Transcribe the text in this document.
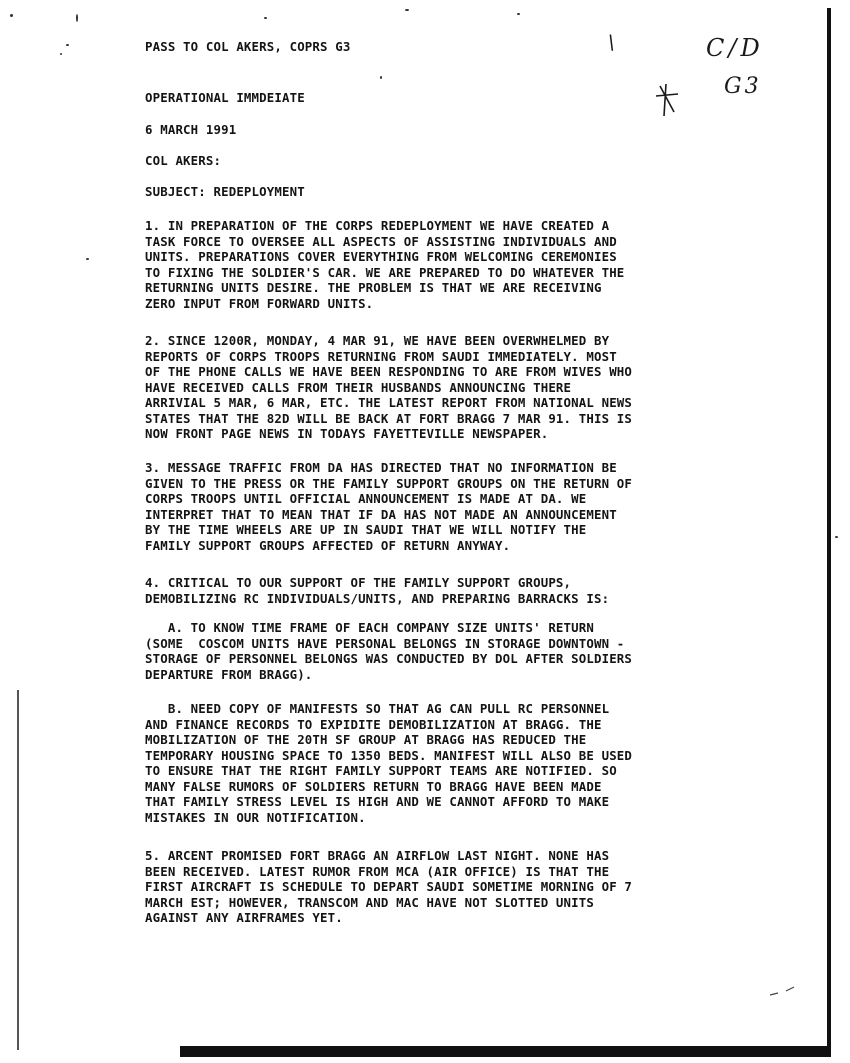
PASS TO COL AKERS, COPRS G3
OPERATIONAL IMMDEIATE
6 MARCH 1991
COL AKERS:
SUBJECT: REDEPLOYMENT
C/D
G3
\
1. IN PREPARATION OF THE CORPS REDEPLOYMENT WE HAVE CREATED A
TASK FORCE TO OVERSEE ALL ASPECTS OF ASSISTING INDIVIDUALS AND
UNITS. PREPARATIONS COVER EVERYTHING FROM WELCOMING CEREMONIES
TO FIXING THE SOLDIER'S CAR. WE ARE PREPARED TO DO WHATEVER THE
RETURNING UNITS DESIRE. THE PROBLEM IS THAT WE ARE RECEIVING
ZERO INPUT FROM FORWARD UNITS.
2. SINCE 1200R, MONDAY, 4 MAR 91, WE HAVE BEEN OVERWHELMED BY
REPORTS OF CORPS TROOPS RETURNING FROM SAUDI IMMEDIATELY. MOST
OF THE PHONE CALLS WE HAVE BEEN RESPONDING TO ARE FROM WIVES WHO
HAVE RECEIVED CALLS FROM THEIR HUSBANDS ANNOUNCING THERE
ARRIVIAL 5 MAR, 6 MAR, ETC. THE LATEST REPORT FROM NATIONAL NEWS
STATES THAT THE 82D WILL BE BACK AT FORT BRAGG 7 MAR 91. THIS IS
NOW FRONT PAGE NEWS IN TODAYS FAYETTEVILLE NEWSPAPER.
3. MESSAGE TRAFFIC FROM DA HAS DIRECTED THAT NO INFORMATION BE
GIVEN TO THE PRESS OR THE FAMILY SUPPORT GROUPS ON THE RETURN OF
CORPS TROOPS UNTIL OFFICIAL ANNOUNCEMENT IS MADE AT DA. WE
INTERPRET THAT TO MEAN THAT IF DA HAS NOT MADE AN ANNOUNCEMENT
BY THE TIME WHEELS ARE UP IN SAUDI THAT WE WILL NOTIFY THE
FAMILY SUPPORT GROUPS AFFECTED OF RETURN ANYWAY.
4. CRITICAL TO OUR SUPPORT OF THE FAMILY SUPPORT GROUPS,
DEMOBILIZING RC INDIVIDUALS/UNITS, AND PREPARING BARRACKS IS:
A. TO KNOW TIME FRAME OF EACH COMPANY SIZE UNITS' RETURN
(SOME  COSCOM UNITS HAVE PERSONAL BELONGS IN STORAGE DOWNTOWN -
STORAGE OF PERSONNEL BELONGS WAS CONDUCTED BY DOL AFTER SOLDIERS
DEPARTURE FROM BRAGG).
B. NEED COPY OF MANIFESTS SO THAT AG CAN PULL RC PERSONNEL
AND FINANCE RECORDS TO EXPIDITE DEMOBILIZATION AT BRAGG. THE
MOBILIZATION OF THE 20TH SF GROUP AT BRAGG HAS REDUCED THE
TEMPORARY HOUSING SPACE TO 1350 BEDS. MANIFEST WILL ALSO BE USED
TO ENSURE THAT THE RIGHT FAMILY SUPPORT TEAMS ARE NOTIFIED. SO
MANY FALSE RUMORS OF SOLDIERS RETURN TO BRAGG HAVE BEEN MADE
THAT FAMILY STRESS LEVEL IS HIGH AND WE CANNOT AFFORD TO MAKE
MISTAKES IN OUR NOTIFICATION.
5. ARCENT PROMISED FORT BRAGG AN AIRFLOW LAST NIGHT. NONE HAS
BEEN RECEIVED. LATEST RUMOR FROM MCA (AIR OFFICE) IS THAT THE
FIRST AIRCRAFT IS SCHEDULE TO DEPART SAUDI SOMETIME MORNING OF 7
MARCH EST; HOWEVER, TRANSCOM AND MAC HAVE NOT SLOTTED UNITS
AGAINST ANY AIRFRAMES YET.
